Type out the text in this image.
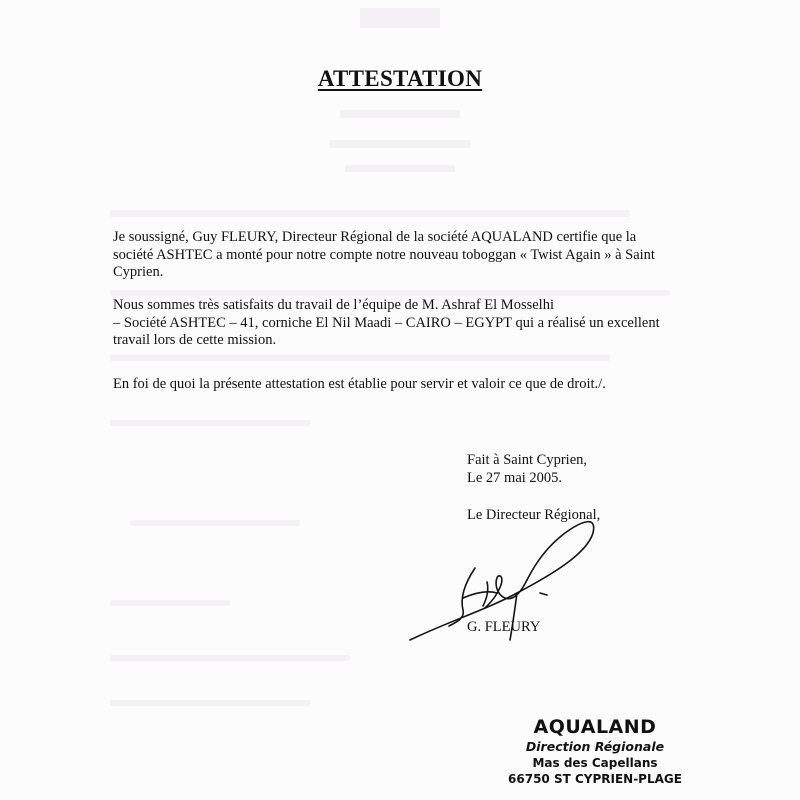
ATTESTATION

Je soussigné, Guy FLEURY, Directeur Régional de la société AQUALAND certifie que la
société ASHTEC a monté pour notre compte notre nouveau toboggan « Twist Again » à Saint
Cyprien.

Nous sommes très satisfaits du travail de l’équipe de M. Ashraf El Mosselhi
– Société ASHTEC – 41, corniche El Nil Maadi – CAIRO – EGYPT qui a réalisé un excellent
travail lors de cette mission.

En foi de quoi la présente attestation est établie pour servir et valoir ce que de droit./.

Fait à Saint Cyprien,
Le 27 mai 2005.
Le Directeur Régional,
G. FLEURY
AQUALAND
Direction Régionale
Mas des Capellans
66750 ST CYPRIEN-PLAGE
